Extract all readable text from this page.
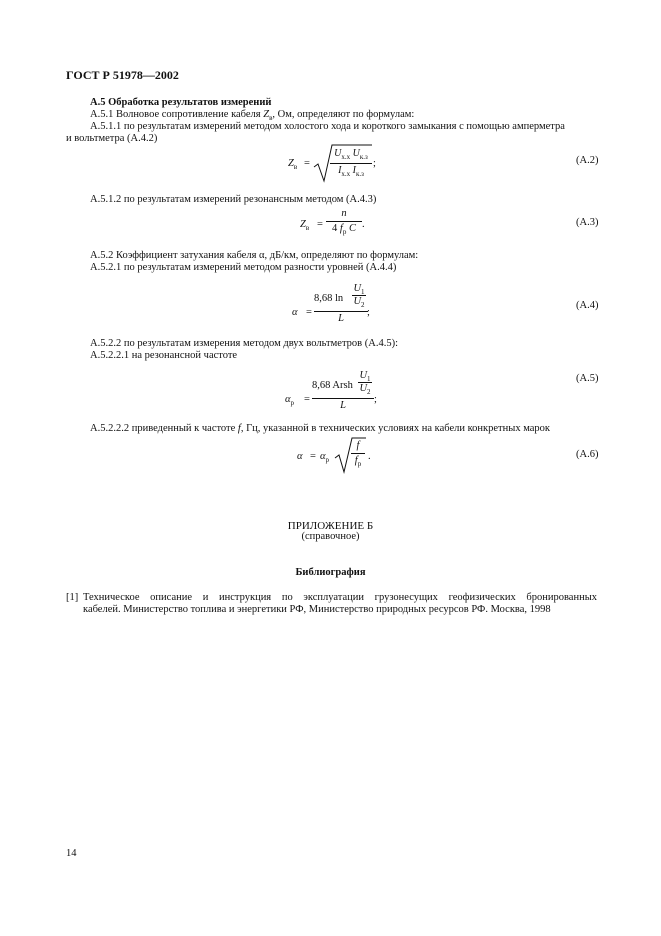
ГОСТ Р 51978—2002
А.5 Обработка результатов измерений
А.5.1 Волновое сопротивление кабеля $Z_в$, Ом, определяют по формулам:
А.5.1.1 по результатам измерений методом холостого хода и короткого замыкания с помощью амперметра
и вольтметра (А.4.2)
$Z_в$ =
$U_{х.х}$ $U_{к.з}$
$I_{х.х}$ $I_{к.з}$
;	(А.2)
А.5.1.2 по результатам измерений резонансным методом (А.4.3)
$Z_в$ =
n
4 $f_р$ C .	(А.3)
А.5.2 Коэффициент затухания кабеля α, дБ/км, определяют по формулам:
А.5.2.1 по результатам измерений методом разности уровней (А.4.4)
α =
8,68 ln
$U_1$
$U_2$
L
;
(А.4)
А.5.2.2 по результатам измерения методом двух вольтметров (А.4.5):
А.5.2.2.1 на резонансной частоте
$\alpha_р$ =
8,68 Arsh
$U_1$
$U_2$
L
;
(А.5)
А.5.2.2.2 приведенный к частоте f, Гц, указанной в технических условиях на кабели конкретных марок
$\alpha = \alpha_р$
f
$f_р$
.	(А.6)
ПРИЛОЖЕНИЕ Б
(справочное)
Библиография
[1] Техническое описание и инструкция по эксплуатации грузонесущих геофизических бронированных
кабелей. Министерство топлива и энергетики РФ, Министерство природных ресурсов РФ. Москва, 1998
14
